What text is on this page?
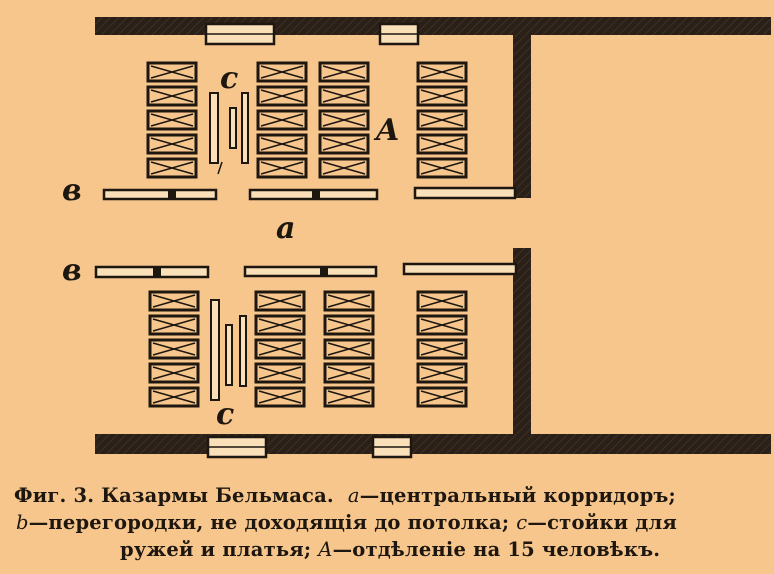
c
A
в
a
в
c
Фиг. 3. Казармы Бельмаса. a—центральный корридоръ;
b—перегородки, не доходящія до потолка; c—стойки для
ружей и платья; A—отдѣленіе на 15 человѣкъ.
